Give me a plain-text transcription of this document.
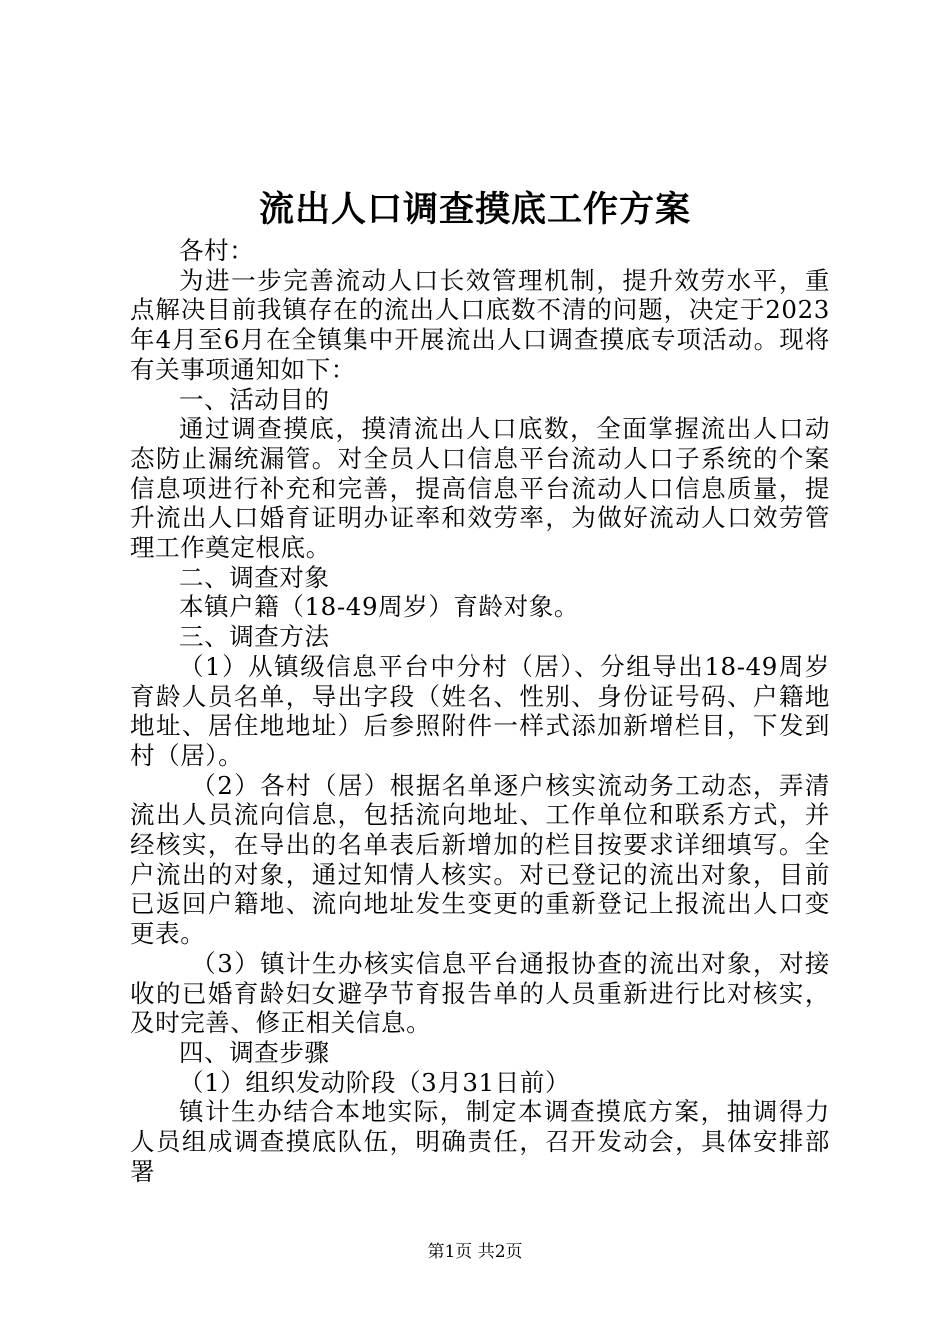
流出人口调查摸底工作方案

各村：

为进一步完善流动人口长效管理机制，提升效劳水平，重点解决目前我镇存在的流出人口底数不清的问题，决定于2023年4月至6月在全镇集中开展流出人口调查摸底专项活动。现将有关事项通知如下：

一、活动目的

通过调查摸底，摸清流出人口底数，全面掌握流出人口动态防止漏统漏管。对全员人口信息平台流动人口子系统的个案信息项进行补充和完善，提高信息平台流动人口信息质量，提升流出人口婚育证明办证率和效劳率，为做好流动人口效劳管理工作奠定根底。

二、调查对象

本镇户籍（18-49周岁）育龄对象。

三、调查方法

（1）从镇级信息平台中分村（居）、分组导出18-49周岁育龄人员名单，导出字段（姓名、性别、身份证号码、户籍地地址、居住地地址）后参照附件一样式添加新增栏目，下发到村（居）。

（2）各村（居）根据名单逐户核实流动务工动态，弄清流出人员流向信息，包括流向地址、工作单位和联系方式，并经核实，在导出的名单表后新增加的栏目按要求详细填写。全户流出的对象，通过知情人核实。对已登记的流出对象，目前已返回户籍地、流向地址发生变更的重新登记上报流出人口变更表。

（3）镇计生办核实信息平台通报协查的流出对象，对接收的已婚育龄妇女避孕节育报告单的人员重新进行比对核实，及时完善、修正相关信息。

四、调查步骤

（1）组织发动阶段（3月31日前）

镇计生办结合本地实际，制定本调查摸底方案，抽调得力人员组成调查摸底队伍，明确责任，召开发动会，具体安排部署

第1页 共2页
